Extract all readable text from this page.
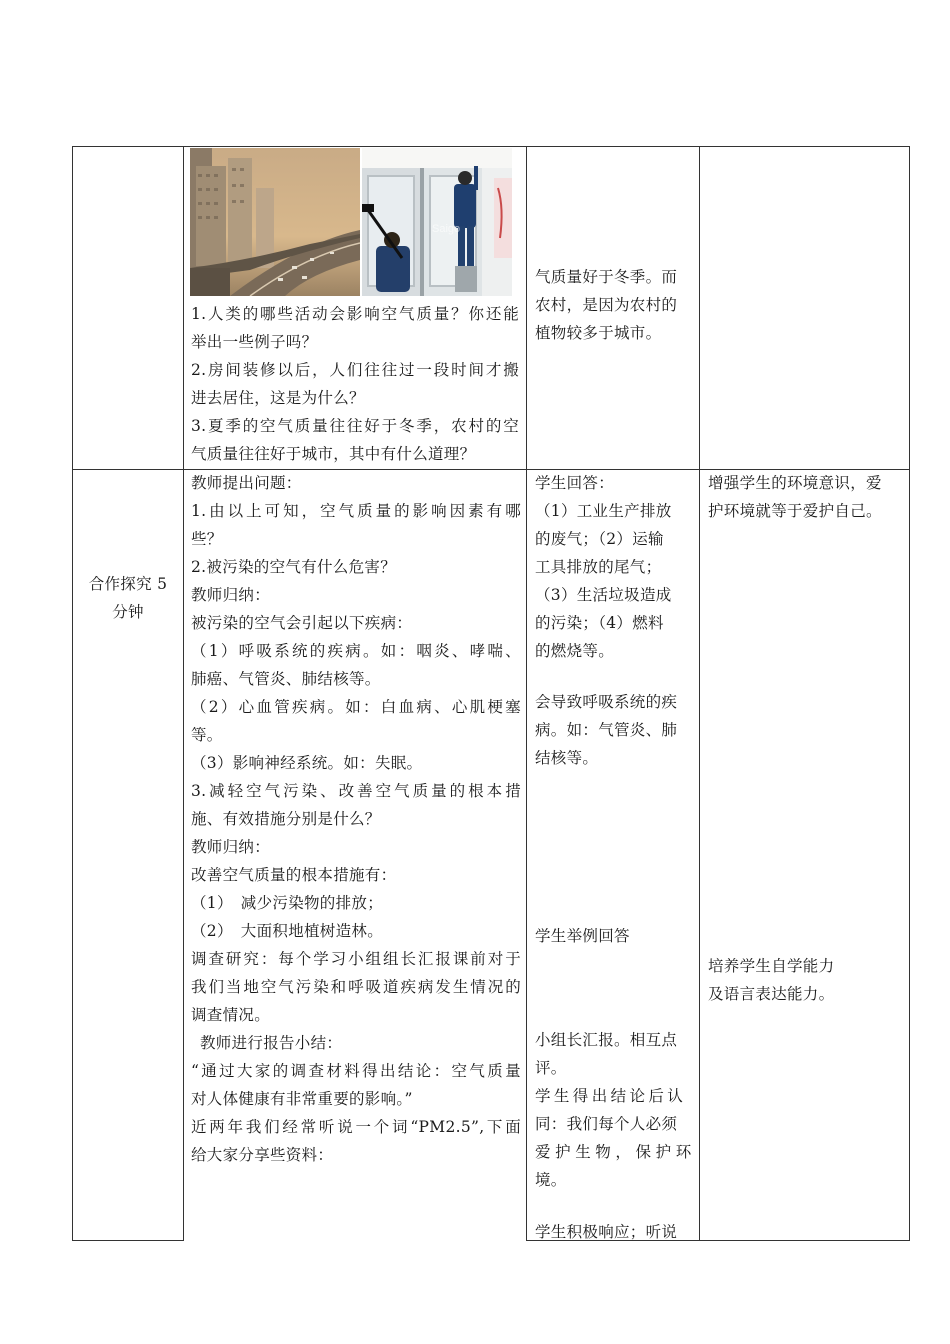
Saigo

1.人类的哪些活动会影响空气质量？你还能

举出一些例子吗？

2.房间装修以后，人们往往过一段时间才搬

进去居住，这是为什么？

3.夏季的空气质量往往好于冬季，农村的空

气质量往往好于城市，其中有什么道理？

气质量好于冬季。而

农村，是因为农村的

植物较多于城市。

合作探究 5
分钟

教师提出问题：

1.由以上可知，空气质量的影响因素有哪

些？

2.被污染的空气有什么危害？

教师归纳：

被污染的空气会引起以下疾病：

（1）呼吸系统的疾病。如：咽炎、哮喘、

肺癌、气管炎、肺结核等。

（2）心血管疾病。如：白血病、心肌梗塞

等。

（3）影响神经系统。如：失眠。

3.减轻空气污染、改善空气质量的根本措

施、有效措施分别是什么？

教师归纳：

改善空气质量的根本措施有：

（1）　减少污染物的排放；

（2）　大面积地植树造林。

调查研究：每个学习小组组长汇报课前对于

我们当地空气污染和呼吸道疾病发生情况的

调查情况。

教师进行报告小结：

“通过大家的调查材料得出结论：空气质量

对人体健康有非常重要的影响。”

近两年我们经常听说一个词“PM2.5”,下面

给大家分享些资料：

学生回答：

（1）工业生产排放

的废气；（2）运输

工具排放的尾气；

（3）生活垃圾造成

的污染；（4）燃料

的燃烧等。

会导致呼吸系统的疾

病。如：气管炎、肺

结核等。

学生举例回答

小组长汇报。相互点

评。

学生得出结论后认

同：我们每个人必须

爱护生物，保护环

境。

学生积极响应；听说

增强学生的环境意识，爱

护环境就等于爱护自己。

培养学生自学能力

及语言表达能力。
